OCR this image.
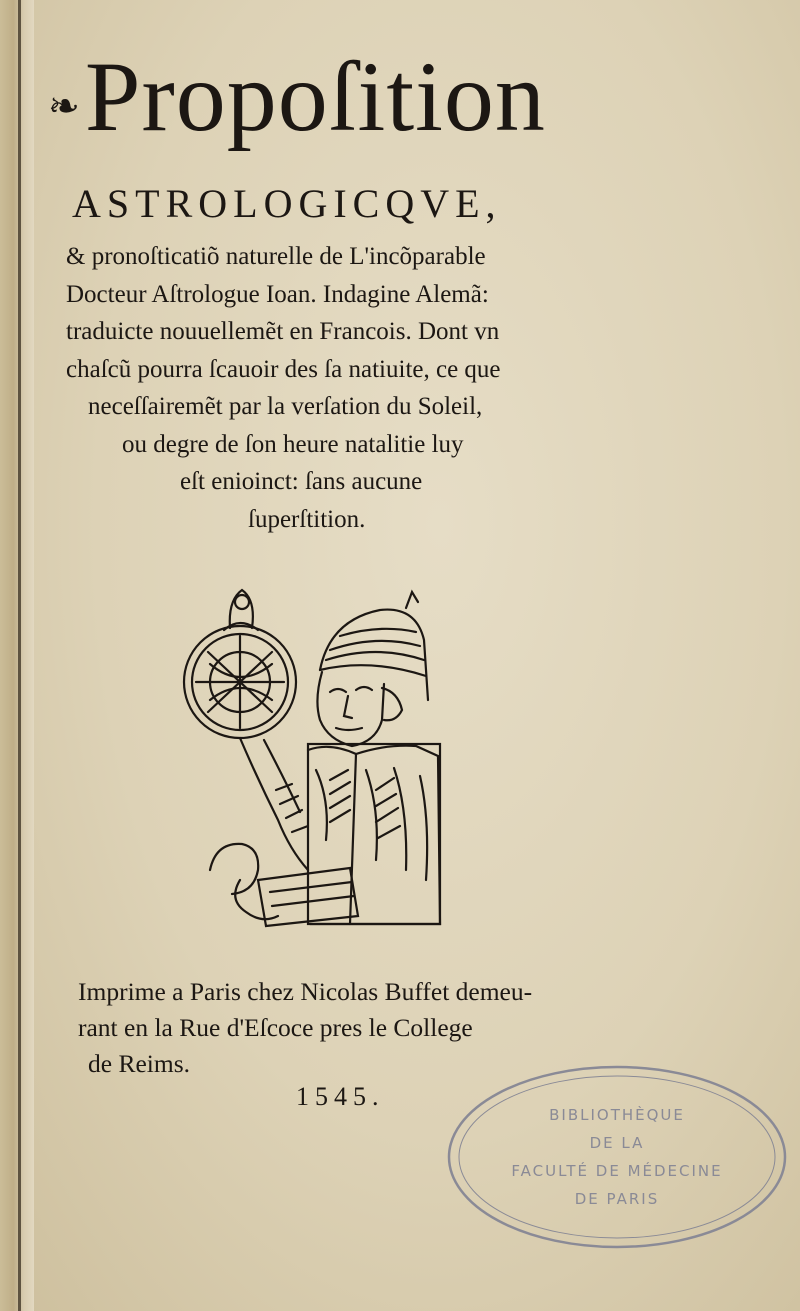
❧Propoſition
ASTROLOGICQVE,
& pronoſticatiõ naturelle de L'incõparable
Docteur Aſtrologue Ioan. Indagine Alemã:
traduicte nouuellemẽt en Francois. Dont vn
chaſcũ pourra ſcauoir des ſa natiuite, ce que
neceſſairemẽt par la verſation du Soleil,
ou degre de ſon heure natalitie luy
eſt enioinct: ſans aucune
ſuperſtition.
Imprime a Paris chez Nicolas Buffet demeu-
rant en la Rue d'Eſcoce pres le College
de Reims.
1545.
BIBLIOTHÈQUE
DE LA
FACULTÉ DE MÉDECINE
DE PARIS
